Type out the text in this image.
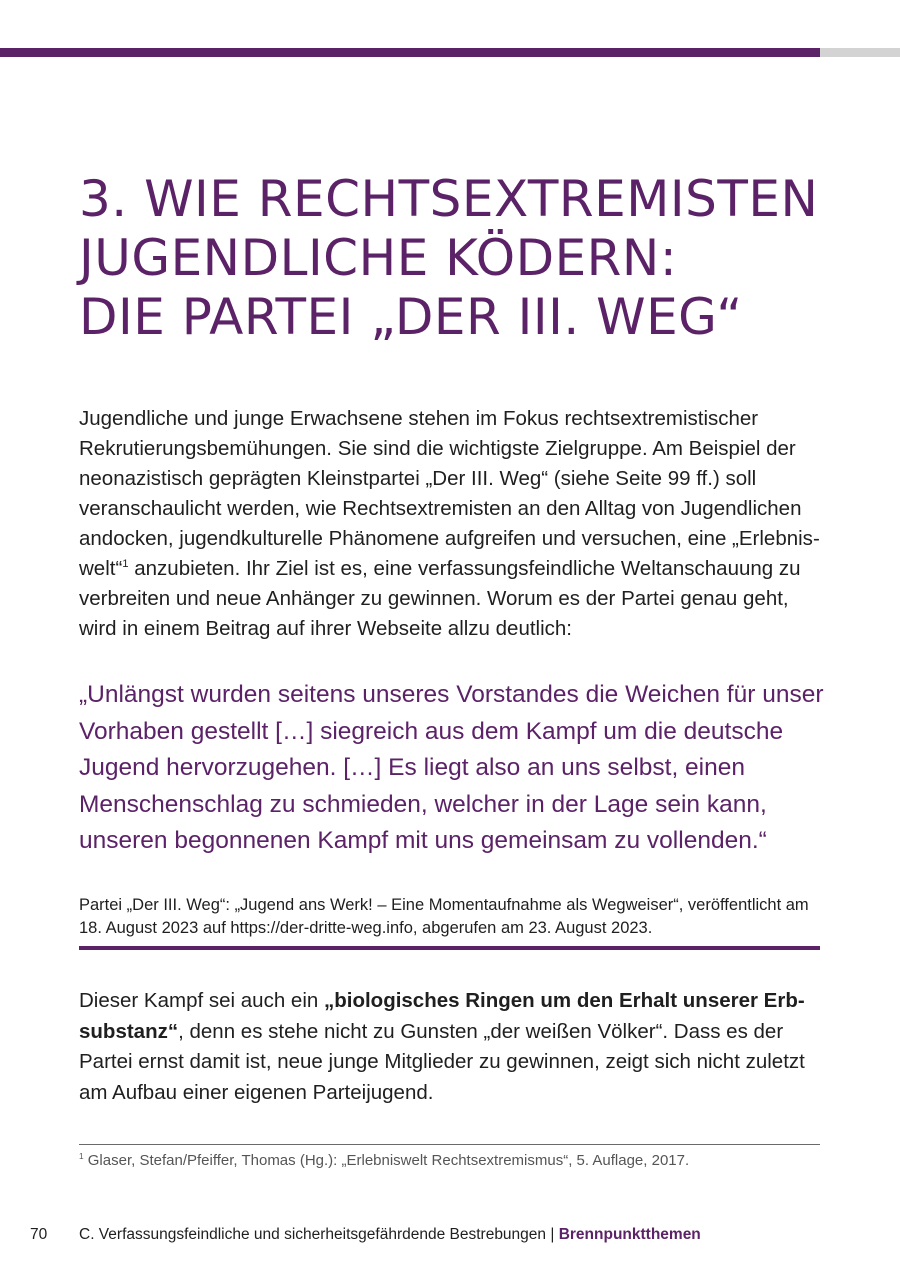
3. WIE RECHTSEXTREMISTEN
JUGENDLICHE KÖDERN:
DIE PARTEI „DER III. WEG“

Jugendliche und junge Erwachsene stehen im Fokus rechtsextremistischer Rekrutierungsbemühungen. Sie sind die wichtigste Zielgruppe. Am Beispiel der neonazistisch geprägten Kleinstpartei „Der III. Weg“ (siehe Seite 99 ff.) soll veranschaulicht werden, wie Rechtsextremisten an den Alltag von Jugendlichen andocken, jugendkulturelle Phänomene aufgreifen und versuchen, eine „Erlebniswelt“$^1$ anzubieten. Ihr Ziel ist es, eine verfassungsfeindliche Weltanschauung zu verbreiten und neue Anhänger zu gewinnen. Worum es der Partei genau geht, wird in einem Beitrag auf ihrer Webseite allzu deutlich:

„Unlängst wurden seitens unseres Vorstandes die Weichen für unser Vorhaben gestellt […] siegreich aus dem Kampf um die deutsche Jugend hervorzugehen. […] Es liegt also an uns selbst, einen Menschenschlag zu schmieden, welcher in der Lage sein kann, unseren begonnenen Kampf mit uns gemeinsam zu vollenden.“

Partei „Der III. Weg“: „Jugend ans Werk! – Eine Momentaufnahme als Wegweiser“, veröffentlicht am 18. August 2023 auf https://der-dritte-weg.info, abgerufen am 23. August 2023.

Dieser Kampf sei auch ein „biologisches Ringen um den Erhalt unserer Erbsubstanz“, denn es stehe nicht zu Gunsten „der weißen Völker“. Dass es der Partei ernst damit ist, neue junge Mitglieder zu gewinnen, zeigt sich nicht zuletzt am Aufbau einer eigenen Parteijugend.

$^1$ Glaser, Stefan/Pfeiffer, Thomas (Hg.): „Erlebniswelt Rechtsextremismus“, 5. Auflage, 2017.

70 C. Verfassungsfeindliche und sicherheitsgefährdende Bestrebungen | Brennpunktthemen
